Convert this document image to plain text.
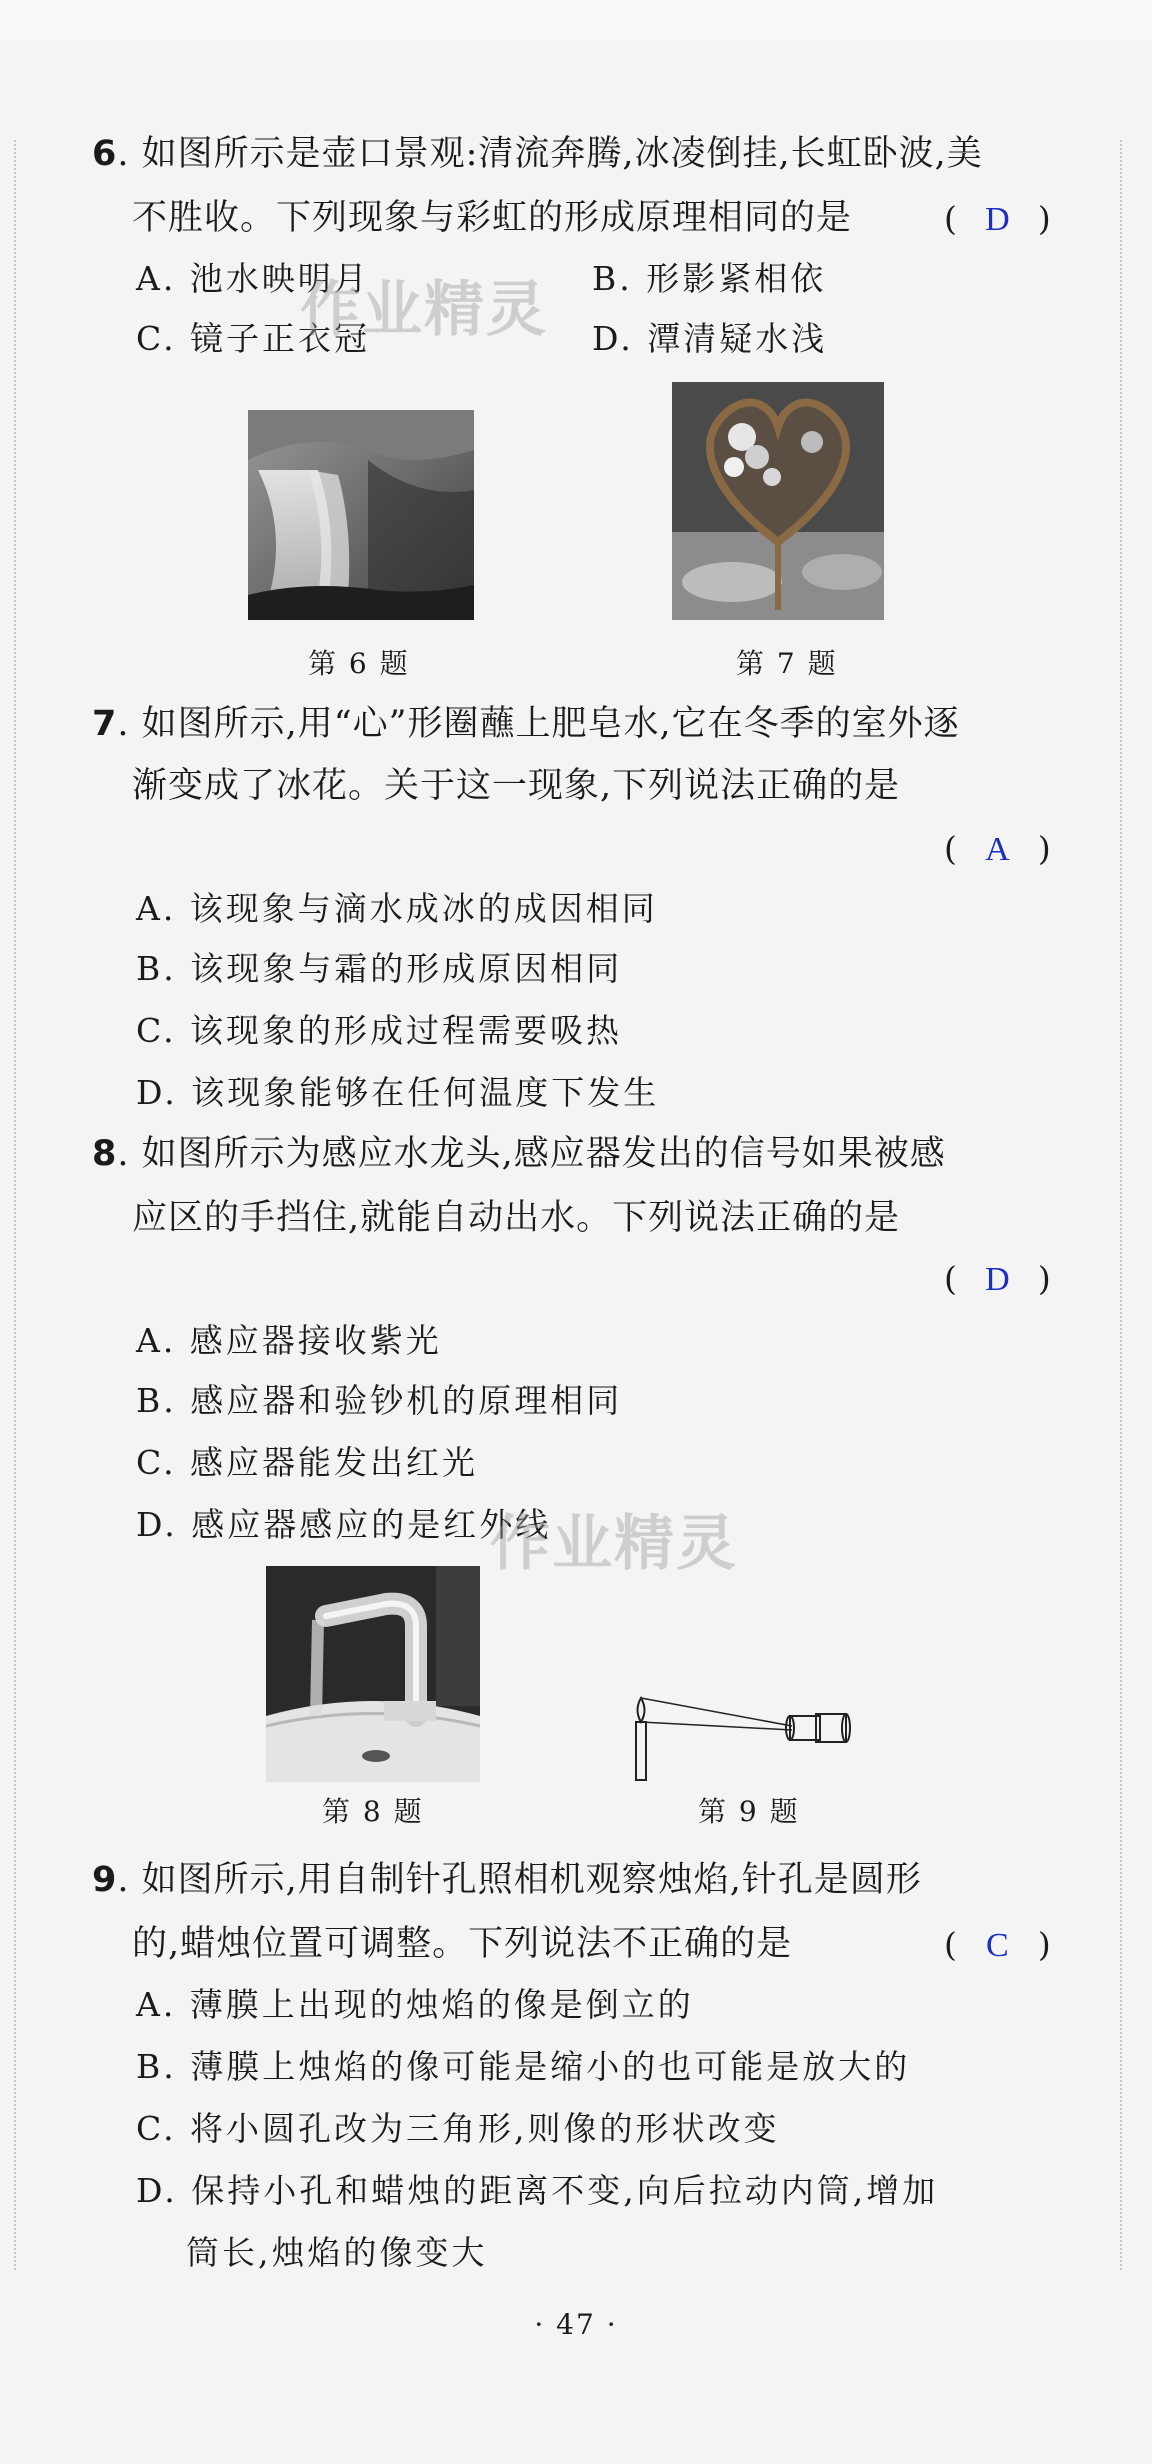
6. 如图所示是壶口景观:清流奔腾,冰凌倒挂,长虹卧波,美
不胜收。下列现象与彩虹的形成原理相同的是	( D )
A. 池水映明月	B. 形影紧相依
C. 镜子正衣冠	D. 潭清疑水浅
作业精灵
第 6 题	第 7 题
7. 如图所示,用“心”形圈蘸上肥皂水,它在冬季的室外逐
渐变成了冰花。关于这一现象,下列说法正确的是
( A )
A. 该现象与滴水成冰的成因相同
B. 该现象与霜的形成原因相同
C. 该现象的形成过程需要吸热
D. 该现象能够在任何温度下发生
8. 如图所示为感应水龙头,感应器发出的信号如果被感
应区的手挡住,就能自动出水。下列说法正确的是
( D )
A. 感应器接收紫光
B. 感应器和验钞机的原理相同
C. 感应器能发出红光
D. 感应器感应的是红外线
作业精灵
第 8 题	第 9 题
9. 如图所示,用自制针孔照相机观察烛焰,针孔是圆形
的,蜡烛位置可调整。下列说法不正确的是	( C )
A. 薄膜上出现的烛焰的像是倒立的
B. 薄膜上烛焰的像可能是缩小的也可能是放大的
C. 将小圆孔改为三角形,则像的形状改变
D. 保持小孔和蜡烛的距离不变,向后拉动内筒,增加
筒长,烛焰的像变大
· 47 ·
